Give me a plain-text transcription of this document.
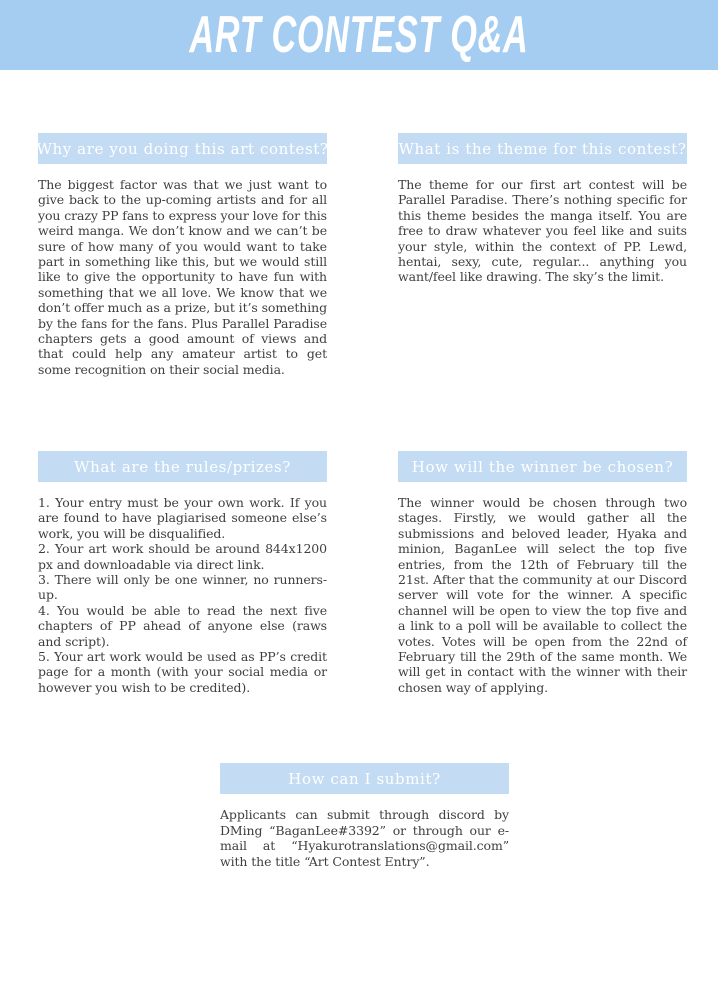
ART CONTEST Q&A
Why are you doing this art contest?

The biggest factor was that we just want to give back to the up-coming artists and for all you crazy PP fans to express your love for this weird manga. We don’t know and we can’t be sure of how many of you would want to take part in something like this, but we would still like to give the opportunity to have fun with something that we all love. We know that we don’t offer much as a prize, but it’s something by the fans for the fans. Plus Parallel Paradise chapters gets a good amount of views and that could help any amateur artist to get some recognition on their social media.

What is the theme for this contest?

The theme for our first art contest will be Parallel Paradise. There’s nothing specific for this theme besides the manga itself. You are free to draw whatever you feel like and suits your style, within the context of PP. Lewd, hentai, sexy, cute, regular... anything you want/feel like drawing. The sky’s the limit.

What are the rules/prizes?

1. Your entry must be your own work. If you are found to have plagiarised someone else’s work, you will be disqualified.

2. Your art work should be around 844x1200 px and downloadable via direct link.

3. There will only be one winner, no runners-up.

4. You would be able to read the next five chapters of PP ahead of anyone else (raws and script).

5. Your art work would be used as PP’s credit page for a month (with your social media or however you wish to be credited).

How will the winner be chosen?

The winner would be chosen through two stages. Firstly, we would gather all the submissions and beloved leader, Hyaka and minion, BaganLee will select the top five entries, from the 12th of February till the 21st. After that the community at our Discord server will vote for the winner. A specific channel will be open to view the top five and a link to a poll will be available to collect the votes. Votes will be open from the 22nd of February till the 29th of the same month. We will get in contact with the winner with their chosen way of applying.

How can I submit?

Applicants can submit through discord by DMing “BaganLee#3392” or through our e-mail at “Hyakurotranslations@gmail.com” with the title “Art Contest Entry”.
